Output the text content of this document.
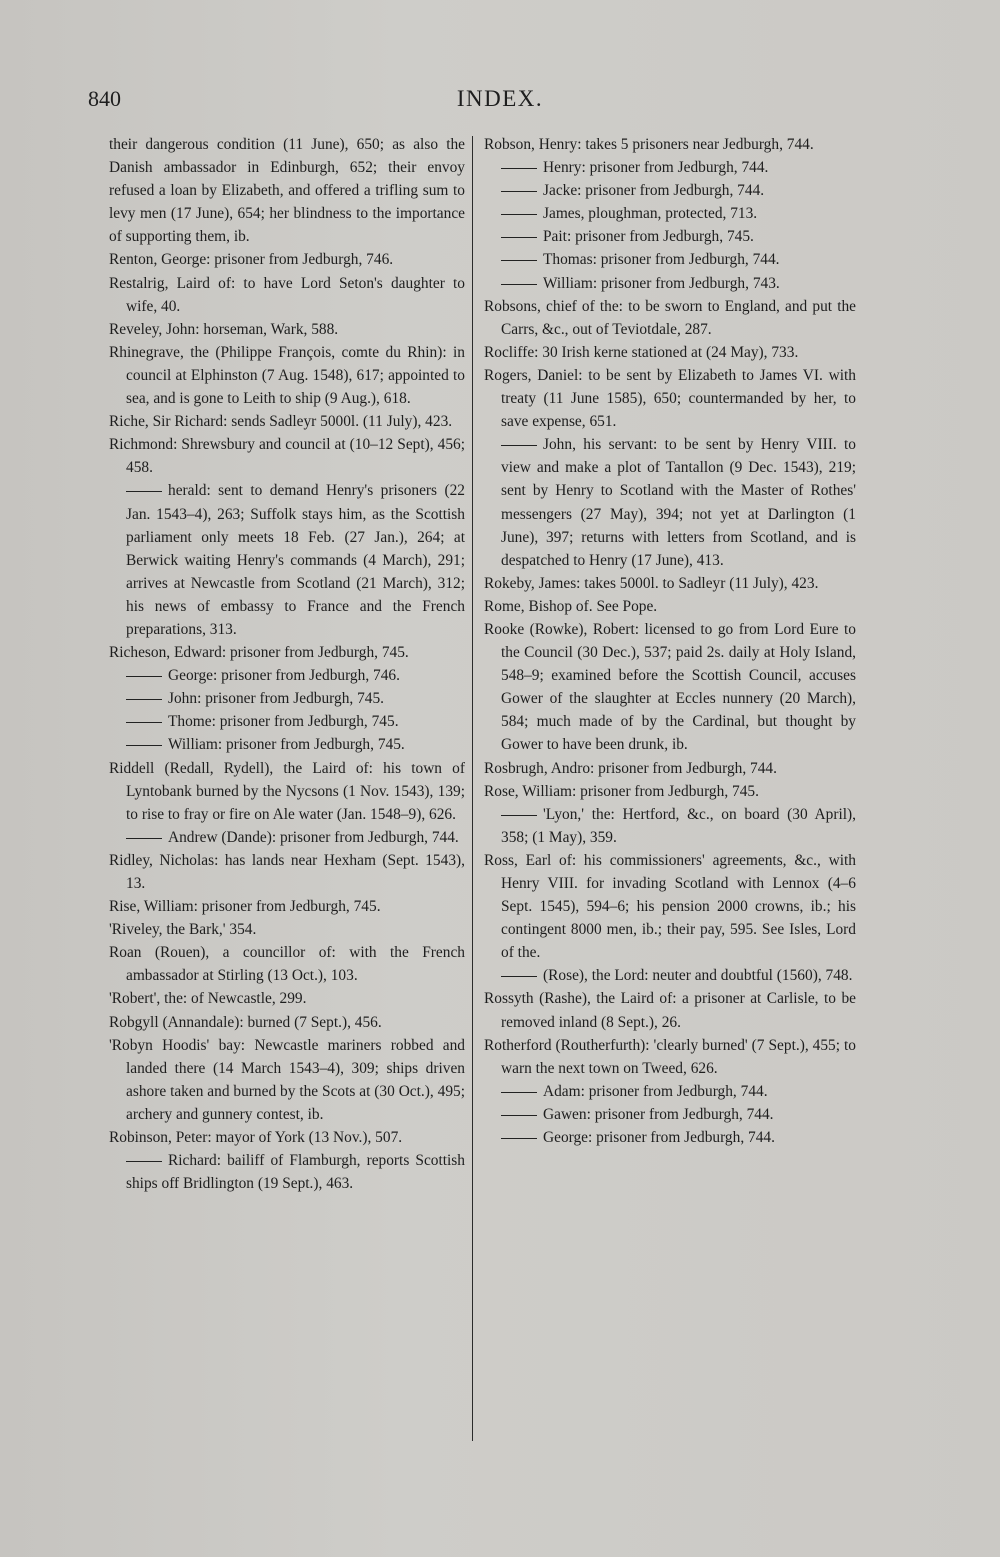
840	INDEX.

their dangerous condition (11 June), 650; as also the Danish ambassador in Edinburgh, 652; their envoy refused a loan by Elizabeth, and offered a trifling sum to levy men (17 June), 654; her blindness to the importance of supporting them, ib.

Renton, George: prisoner from Jedburgh, 746.

Restalrig, Laird of: to have Lord Seton's daughter to wife, 40.

Reveley, John: horseman, Wark, 588.

Rhinegrave, the (Philippe François, comte du Rhin): in council at Elphinston (7 Aug. 1548), 617; appointed to sea, and is gone to Leith to ship (9 Aug.), 618.

Riche, Sir Richard: sends Sadleyr 5000l. (11 July), 423.

Richmond: Shrewsbury and council at (10–12 Sept), 456; 458.

herald: sent to demand Henry's prisoners (22 Jan. 1543–4), 263; Suffolk stays him, as the Scottish parliament only meets 18 Feb. (27 Jan.), 264; at Berwick waiting Henry's commands (4 March), 291; arrives at Newcastle from Scotland (21 March), 312; his news of embassy to France and the French preparations, 313.

Richeson, Edward: prisoner from Jedburgh, 745.

George: prisoner from Jedburgh, 746.

John: prisoner from Jedburgh, 745.

Thome: prisoner from Jedburgh, 745.

William: prisoner from Jedburgh, 745.

Riddell (Redall, Rydell), the Laird of: his town of Lyntobank burned by the Nycsons (1 Nov. 1543), 139; to rise to fray or fire on Ale water (Jan. 1548–9), 626.

Andrew (Dande): prisoner from Jedburgh, 744.

Ridley, Nicholas: has lands near Hexham (Sept. 1543), 13.

Rise, William: prisoner from Jedburgh, 745.

'Riveley, the Bark,' 354.

Roan (Rouen), a councillor of: with the French ambassador at Stirling (13 Oct.), 103.

'Robert', the: of Newcastle, 299.

Robgyll (Annandale): burned (7 Sept.), 456.

'Robyn Hoodis' bay: Newcastle mariners robbed and landed there (14 March 1543–4), 309; ships driven ashore taken and burned by the Scots at (30 Oct.), 495; archery and gunnery contest, ib.

Robinson, Peter: mayor of York (13 Nov.), 507.

Richard: bailiff of Flamburgh, reports Scottish ships off Bridlington (19 Sept.), 463.

Robson, Henry: takes 5 prisoners near Jedburgh, 744.

Henry: prisoner from Jedburgh, 744.

Jacke: prisoner from Jedburgh, 744.

James, ploughman, protected, 713.

Pait: prisoner from Jedburgh, 745.

Thomas: prisoner from Jedburgh, 744.

William: prisoner from Jedburgh, 743.

Robsons, chief of the: to be sworn to England, and put the Carrs, &c., out of Teviotdale, 287.

Rocliffe: 30 Irish kerne stationed at (24 May), 733.

Rogers, Daniel: to be sent by Elizabeth to James VI. with treaty (11 June 1585), 650; countermanded by her, to save expense, 651.

John, his servant: to be sent by Henry VIII. to view and make a plot of Tantallon (9 Dec. 1543), 219; sent by Henry to Scotland with the Master of Rothes' messengers (27 May), 394; not yet at Darlington (1 June), 397; returns with letters from Scotland, and is despatched to Henry (17 June), 413.

Rokeby, James: takes 5000l. to Sadleyr (11 July), 423.

Rome, Bishop of. See Pope.

Rooke (Rowke), Robert: licensed to go from Lord Eure to the Council (30 Dec.), 537; paid 2s. daily at Holy Island, 548–9; examined before the Scottish Council, accuses Gower of the slaughter at Eccles nunnery (20 March), 584; much made of by the Cardinal, but thought by Gower to have been drunk, ib.

Rosbrugh, Andro: prisoner from Jedburgh, 744.

Rose, William: prisoner from Jedburgh, 745.

'Lyon,' the: Hertford, &c., on board (30 April), 358; (1 May), 359.

Ross, Earl of: his commissioners' agreements, &c., with Henry VIII. for invading Scotland with Lennox (4–6 Sept. 1545), 594–6; his pension 2000 crowns, ib.; his contingent 8000 men, ib.; their pay, 595. See Isles, Lord of the.

(Rose), the Lord: neuter and doubtful (1560), 748.

Rossyth (Rashe), the Laird of: a prisoner at Carlisle, to be removed inland (8 Sept.), 26.

Rotherford (Routherfurth): 'clearly burned' (7 Sept.), 455; to warn the next town on Tweed, 626.

Adam: prisoner from Jedburgh, 744.

Gawen: prisoner from Jedburgh, 744.

George: prisoner from Jedburgh, 744.
